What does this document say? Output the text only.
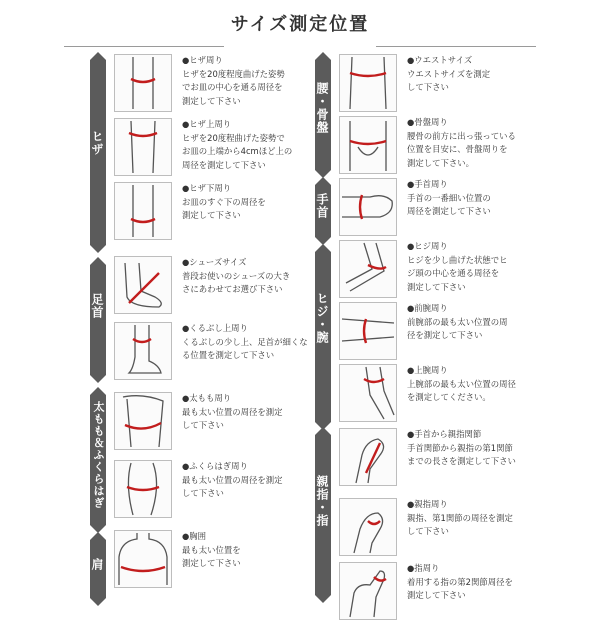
サイズ測定位置
ヒザ
足首
太もも＆ふくらはぎ
肩
●ヒザ周り
ヒザを20度程度曲げた姿勢
でお皿の中心を通る周径を
測定して下さい
●ヒザ上周り
ヒザを20度程曲げた姿勢で
お皿の上端から4cmほど上の
周径を測定して下さい
●ヒザ下周り
お皿のすぐ下の周径を
測定して下さい
●シューズサイズ
普段お使いのシューズの大き
さにあわせてお選び下さい
●くるぶし上周り
くるぶしの少し上、足首が細くな
る位置を測定して下さい
●太もも周り
最も太い位置の周径を測定
して下さい
●ふくらはぎ周り
最も太い位置の周径を測定
して下さい
●胸囲
最も太い位置を
測定して下さい
腰・骨盤
手首
ヒジ・腕
親指・指
●ウエストサイズ
ウエストサイズを測定
して下さい
●骨盤周り
腰骨の前方に出っ張っている
位置を目安に、骨盤周りを
測定して下さい。
●手首周り
手首の一番細い位置の
周径を測定して下さい
●ヒジ周り
ヒジを少し曲げた状態でヒ
ジ頭の中心を通る周径を
測定して下さい
●前腕周り
前腕部の最も太い位置の周
径を測定して下さい
●上腕周り
上腕部の最も太い位置の周径
を測定してください。
●手首から親指関節
手首関節から親指の第1関節
までの長さを測定して下さい
●親指周り
親指、第1関節の周径を測定
して下さい
●指周り
着用する指の第2関節周径を
測定して下さい
